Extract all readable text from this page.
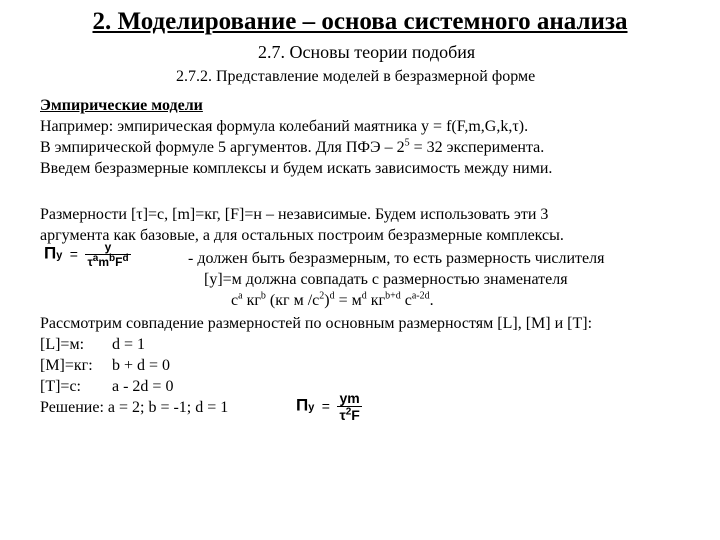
2. Моделирование – основа системного анализа
2.7. Основы теории подобия
2.7.2. Представление моделей в безразмерной форме
Эмпирические модели
Например: эмпирическая формула колебаний маятника y = f(F,m,G,k,τ).
В эмпирической формуле 5 аргументов. Для ПФЭ – $2^5 = 32$ эксперимента.
Введем безразмерные комплексы и будем искать зависимость между ними.
Размерности [τ]=с, [m]=кг, [F]=н – независимые. Будем использовать эти 3
аргумента как базовые, а для остальных построим безразмерные комплексы.
Пy = $\frac{y}{\tau^am^bF^d}$	- должен быть безразмерным, то есть размерность числителя
[y]=м должна совпадать с размерностью знаменателя
$c^a$ $кг^b$ (кг м $/с^2)^d = м^d$ $кг^{b+d}$ $с^{a-2d}$.
Рассмотрим совпадение размерностей по основным размерностям [L], [M] и [T]:
[L]=м: d = 1
[M]=кг: b + d = 0
[T]=с: a - 2d = 0
Решение: a = 2; b = -1; d = 1	Пy = $\frac{ym}{\tau^2F}$
